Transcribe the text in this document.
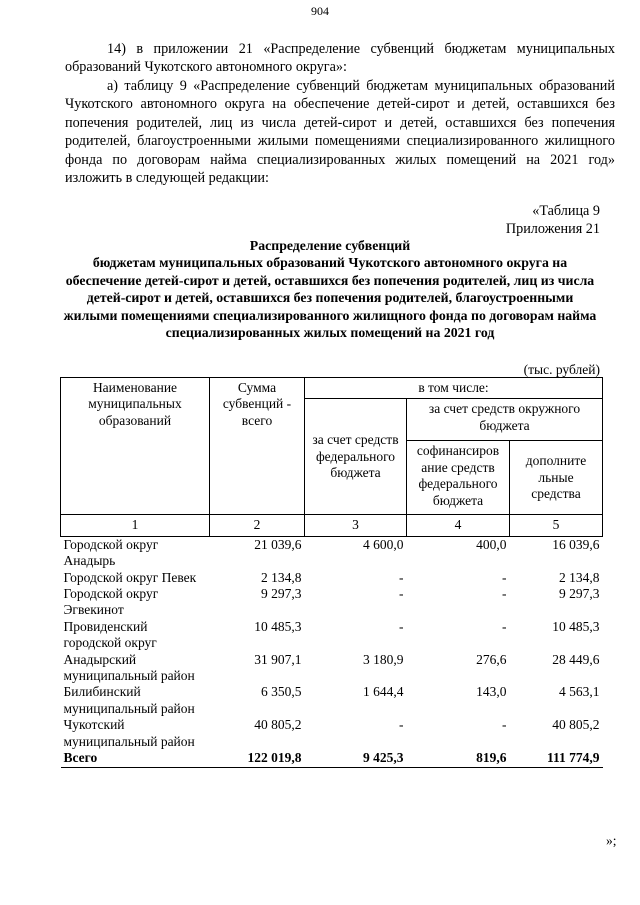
904
14) в приложении 21 «Распределение субвенций бюджетам муниципальных образований Чукотского автономного округа»:
а) таблицу 9 «Распределение субвенций бюджетам муниципальных образований Чукотского автономного округа на обеспечение детей-сирот и детей, оставшихся без попечения родителей, лиц из числа детей-сирот и детей, оставшихся без попечения родителей, благоустроенными жилыми помещениями специализированного жилищного фонда по договорам найма специализированных жилых помещений на 2021 год» изложить в следующей редакции:
«Таблица 9
Приложения 21
Распределение субвенций
бюджетам муниципальных образований Чукотского автономного округа на обеспечение детей-сирот и детей, оставшихся без попечения родителей, лиц из числа детей-сирот и детей, оставшихся без попечения родителей, благоустроенными жилыми помещениями специализированного жилищного фонда по договорам найма специализированных жилых помещений на 2021 год
(тыс. рублей)
Наименование муниципальных образований	Сумма субвенций - всего	в том числе:		
		за счет средств федерального бюджета	за счет средств окружного бюджета	
			софинансиров ание средств федерального бюджета	дополните льные средства
1	2	3	4	5
Городской округ Анадырь	21 039,6	4 600,0	400,0	16 039,6
Городской округ Певек	2 134,8	-	-	2 134,8
Городской округ Эгвекинот	9 297,3	-	-	9 297,3
Провиденский городской округ	10 485,3	-	-	10 485,3
Анадырский муниципальный район	31 907,1	3 180,9	276,6	28 449,6
Билибинский муниципальный район	6 350,5	1 644,4	143,0	4 563,1
Чукотский муниципальный район	40 805,2	-	-	40 805,2
Всего	122 019,8	9 425,3	819,6	111 774,9
»;
